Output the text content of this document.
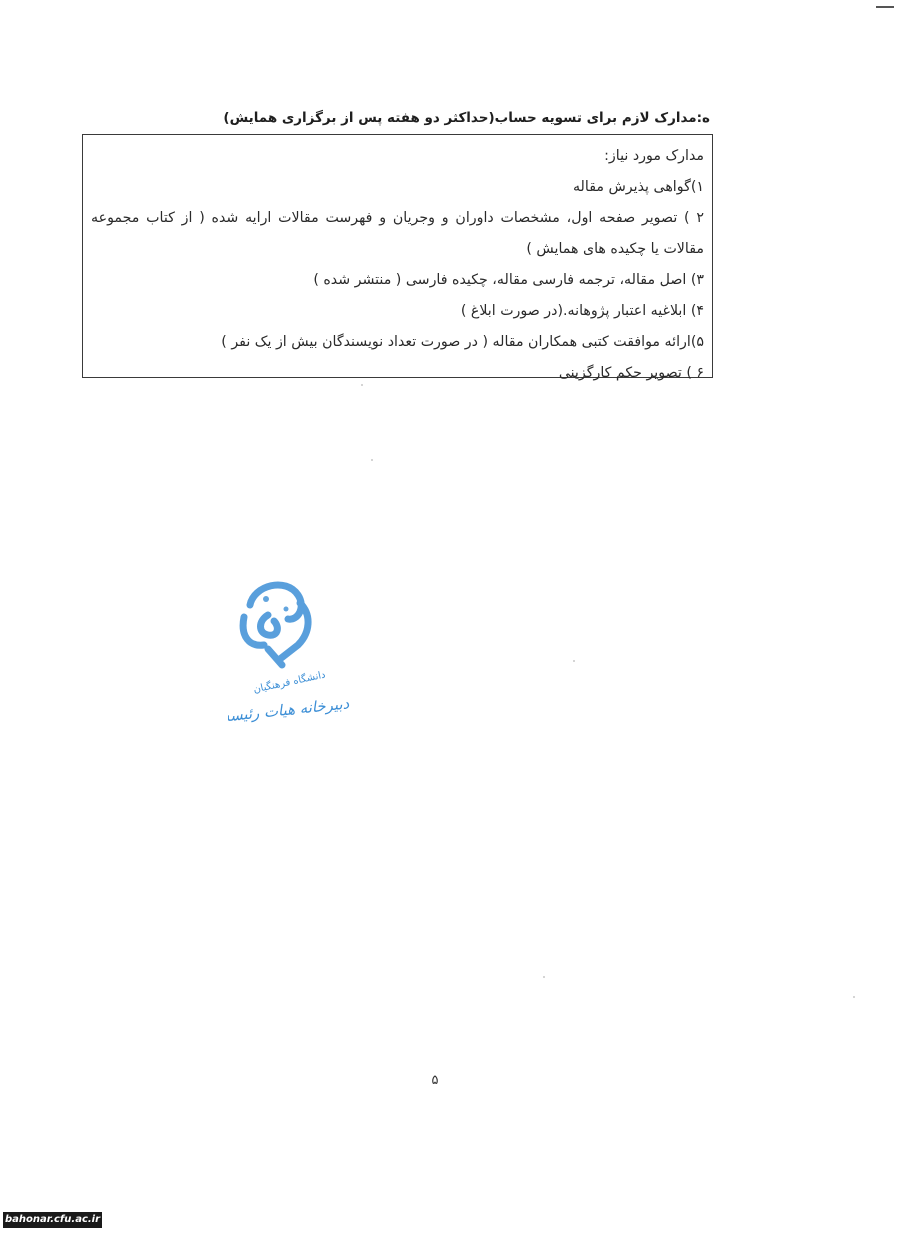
ه:مدارک لازم برای تسویه حساب(حداکثر دو هفته پس از برگزاری همایش)
مدارک مورد نیاز:
۱)گواهی پذیرش مقاله
۲ ) تصویر صفحه اول، مشخصات داوران و وجریان و فهرست مقالات ارایه شده ( از کتاب مجموعه
مقالات یا چکیده های همایش )
۳) اصل مقاله، ترجمه فارسی مقاله، چکیده فارسی ( منتشر شده )
۴) ابلاغیه اعتبار پژوهانه.(در صورت ابلاغ )
۵)ارائه موافقت کتبی همکاران مقاله ( در صورت تعداد نویسندگان بیش از یک نفر )
۶ ) تصویر حکم کارگزینی
دانشگاه فرهنگیان
دبیرخانه هیات رئیسه
۵
bahonar.cfu.ac.ir
